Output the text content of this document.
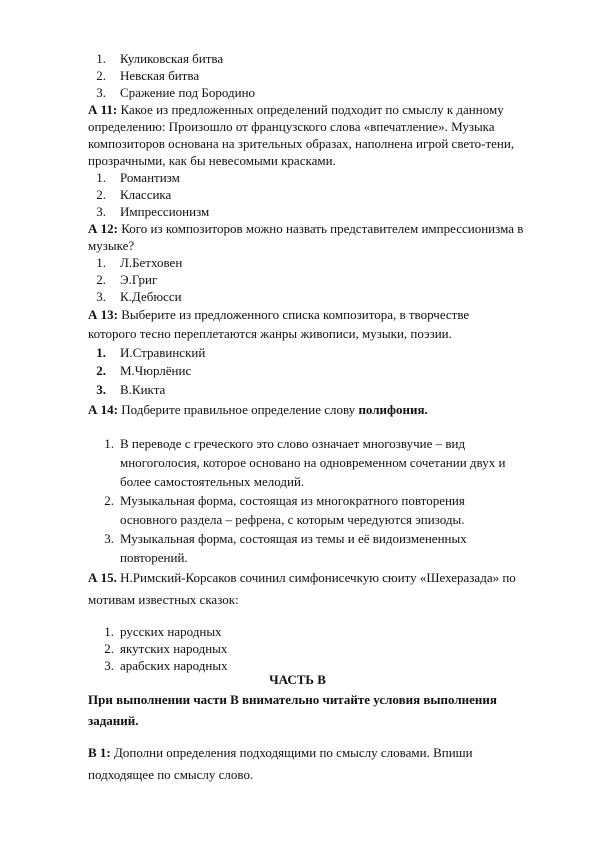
1. Куликовская битва
2. Невская битва
3. Сражение под Бородино
А 11: Какое из предложенных определений подходит по смыслу к данному
определению: Произошло от французского слова «впечатление». Музыка
композиторов основана на зрительных образах, наполнена игрой свето-тени,
прозрачными, как бы невесомыми красками.
1. Романтизм
2. Классика
3. Импрессионизм
А 12: Кого из композиторов можно назвать представителем импрессионизма в
музыке?
1. Л.Бетховен
2. Э.Григ
3. К.Дебюсси
А 13: Выберите из предложенного списка композитора, в творчестве
которого тесно переплетаются жанры живописи, музыки, поэзии.
1. И.Стравинский
2. М.Чюрлёнис
3. В.Кикта
А 14: Подберите правильное определение слову полифония.
1. В переводе с греческого это слово означает многозвучие – вид
многоголосия, которое основано на одновременном сочетании двух и
более самостоятельных мелодий.
2. Музыкальная форма, состоящая из многократного повторения
основного раздела – рефрена, с которым чередуются эпизоды.
3. Музыкальная форма, состоящая из темы и её видоизмененных
повторений.
А 15. Н.Римский-Корсаков сочинил симфонисечкую сюиту «Шехеразада» по
мотивам известных сказок:
1. русских народных
2. якутских народных
3. арабских народных
ЧАСТЬ В
При выполнении части В внимательно читайте условия выполнения
заданий.
В 1: Дополни определения подходящими по смыслу словами. Впиши
подходящее по смыслу слово.
